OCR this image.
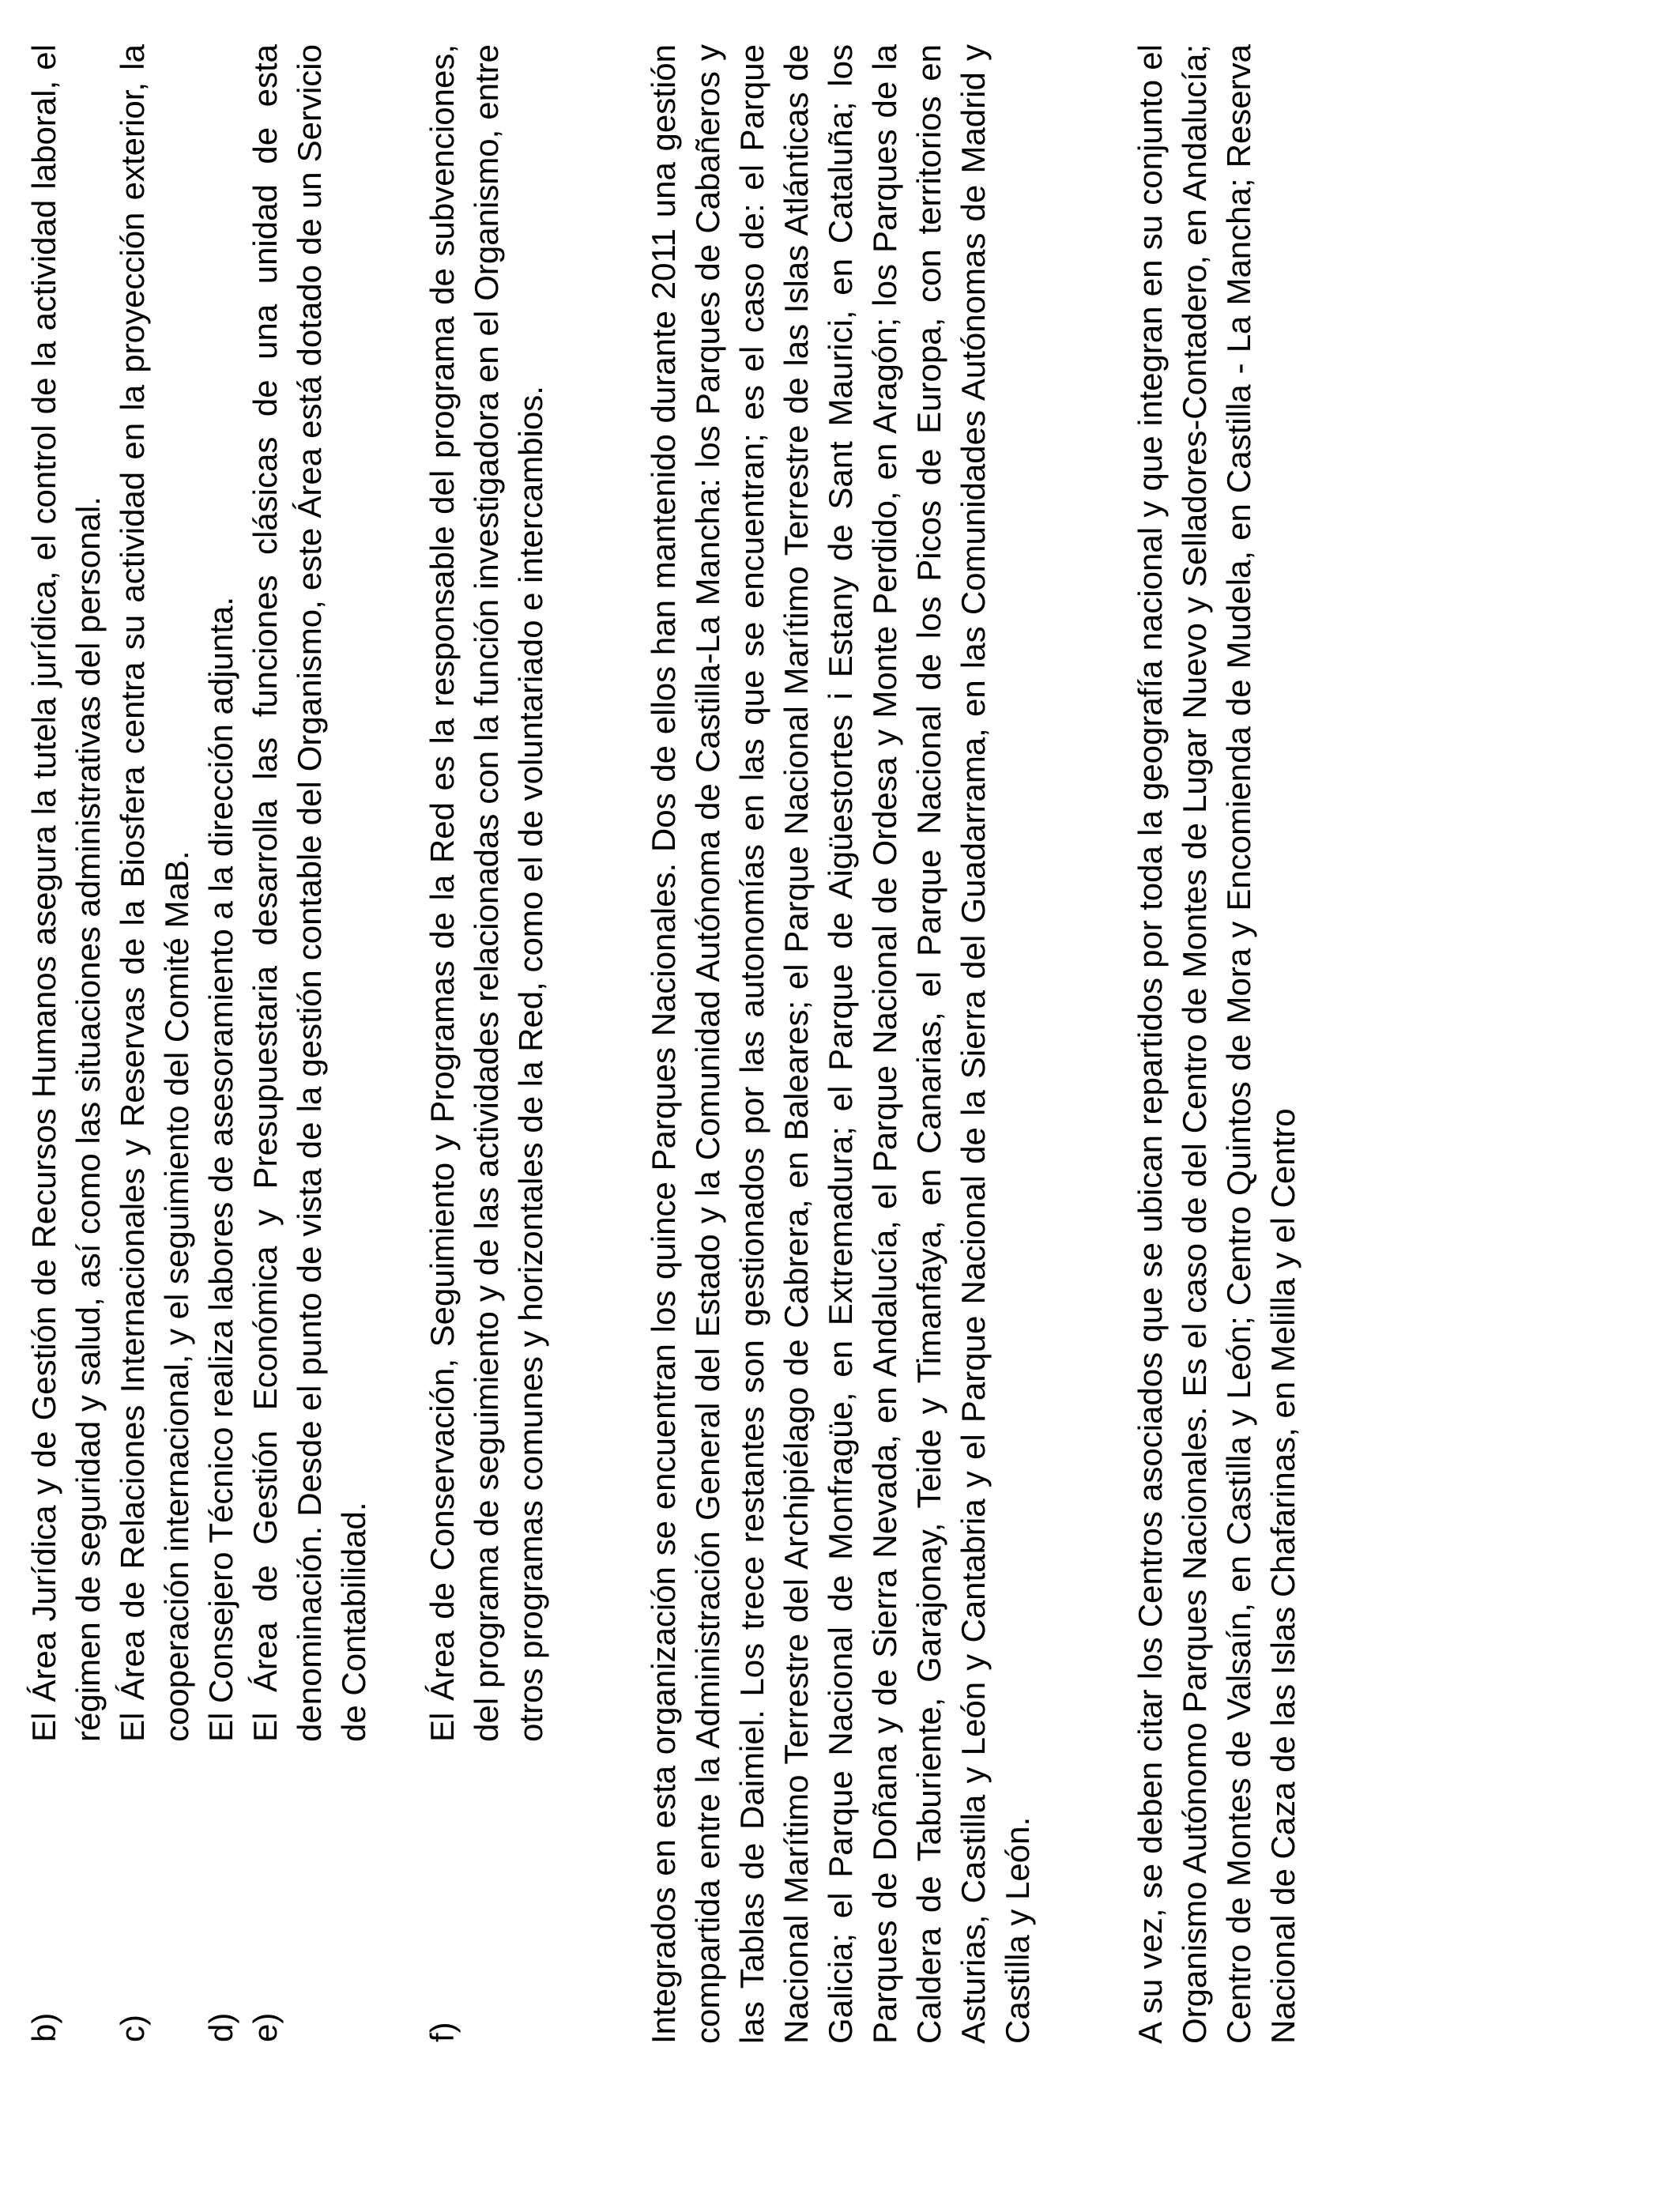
b)
El Área Jurídica y de Gestión de Recursos Humanos asegura la tutela jurídica, el control de la actividad laboral, el régimen de seguridad y salud, así como las situaciones administrativas del personal.
c)
El Área de Relaciones Internacionales y Reservas de la Biosfera centra su actividad en la proyección exterior, la cooperación internacional, y el seguimiento del Comité MaB.
d)
El Consejero Técnico realiza labores de asesoramiento a la dirección adjunta.
e)
El Área de Gestión Económica y Presupuestaria desarrolla las funciones clásicas de una unidad de esta denominación. Desde el punto de vista de la gestión contable del Organismo, este Área está dotado de un Servicio de Contabilidad.
f)
El Área de Conservación, Seguimiento y Programas de la Red es la responsable del programa de subvenciones, del programa de seguimiento y de las actividades relacionadas con la función investigadora en el Organismo, entre otros programas comunes y horizontales de la Red, como el de voluntariado e intercambios.	Integrados en esta organización se encuentran los quince Parques Nacionales. Dos de ellos han mantenido durante 2011 una gestión compartida entre la Administración General del Estado y la Comunidad Autónoma de Castilla-La Mancha: los Parques de Cabañeros y las Tablas de Daimiel. Los trece restantes son gestionados por las autonomías en las que se encuentran; es el caso de: el Parque Nacional Marítimo Terrestre del Archipiélago de Cabrera, en Baleares; el Parque Nacional Marítimo Terrestre de las Islas Atlánticas de Galicia; el Parque Nacional de Monfragüe, en Extremadura; el Parque de Aigüestortes i Estany de Sant Maurici, en Cataluña; los Parques de Doñana y de Sierra Nevada, en Andalucía, el Parque Nacional de Ordesa y Monte Perdido, en Aragón; los Parques de la Caldera de Taburiente, Garajonay, Teide y Timanfaya, en Canarias, el Parque Nacional de los Picos de Europa, con territorios en Asturias, Castilla y León y Cantabria y el Parque Nacional de la Sierra del Guadarrama, en las Comunidades Autónomas de Madrid y Castilla y León.	A su vez, se deben citar los Centros asociados que se ubican repartidos por toda la geografía nacional y que integran en su conjunto el Organismo Autónomo Parques Nacionales. Es el caso de del Centro de Montes de Lugar Nuevo y Selladores-Contadero, en Andalucía; Centro de Montes de Valsaín, en Castilla y León; Centro Quintos de Mora y Encomienda de Mudela, en Castilla - La Mancha; Reserva Nacional de Caza de las Islas Chafarinas, en Melilla y el Centro
